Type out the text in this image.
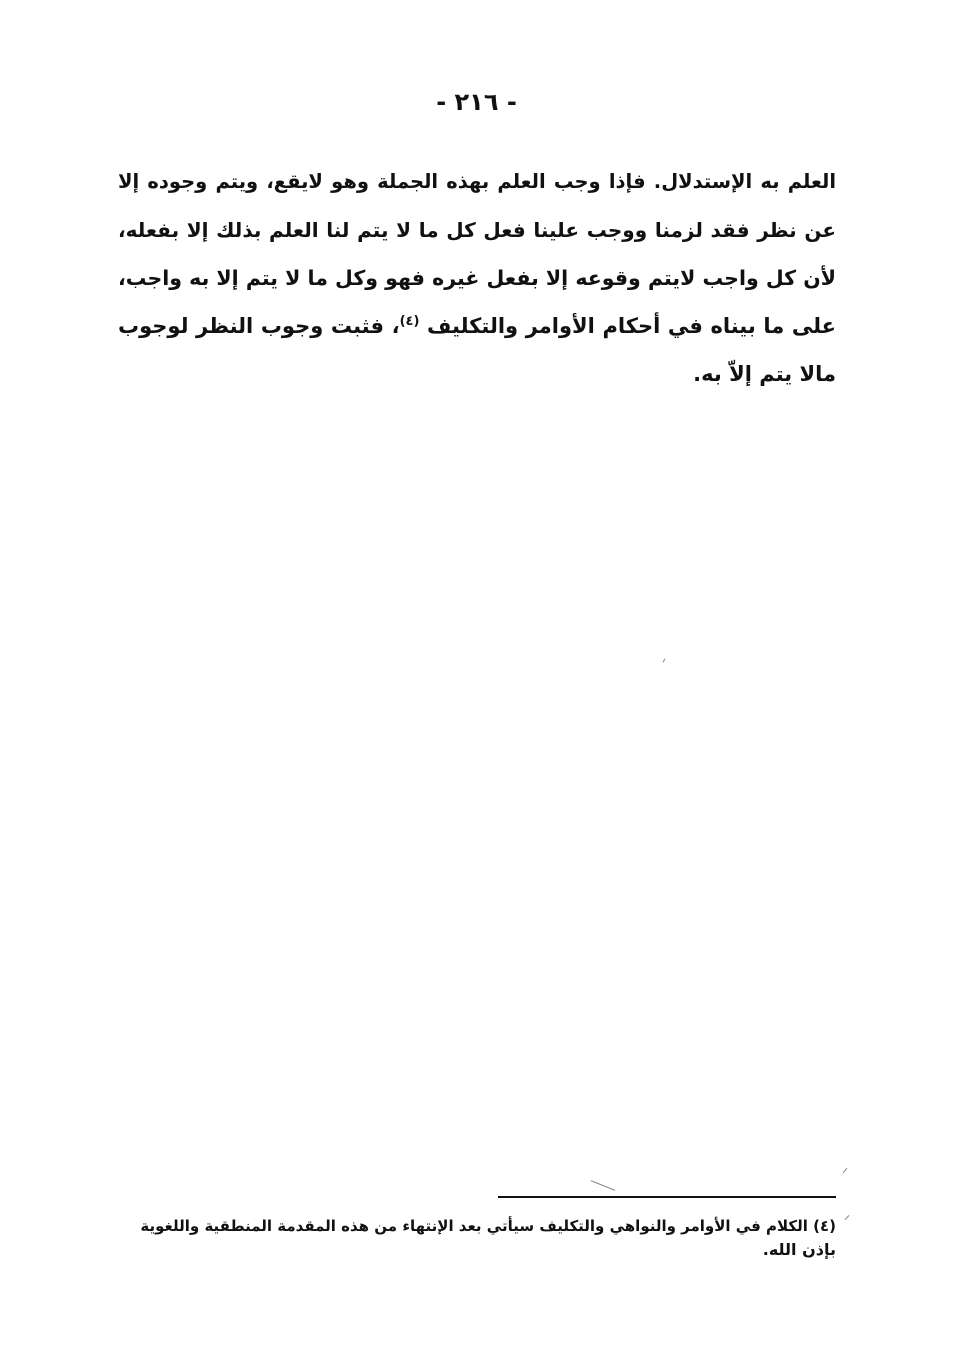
- ٢١٦ -
العلم به الإستدلال. فإذا وجب العلم بهذه الجملة وهو لايقع، ويتم وجوده إلا
عن نظر فقد لزمنا ووجب علينا فعل كل ما لا يتم لنا العلم بذلك إلا بفعله،
لأن كل واجب لايتم وقوعه إلا بفعل غيره فهو وكل ما لا يتم إلا به واجب،
على ما بيناه في أحكام الأوامر والتكليف $^{(٤)}$، فثبت وجوب النظر لوجوب
مالا يتم إلاّ به.
(٤) الكلام في الأوامر والنواهي والتكليف سيأتي بعد الإنتهاء من هذه المقدمة المنطقية واللغوية
بإذن الله.
